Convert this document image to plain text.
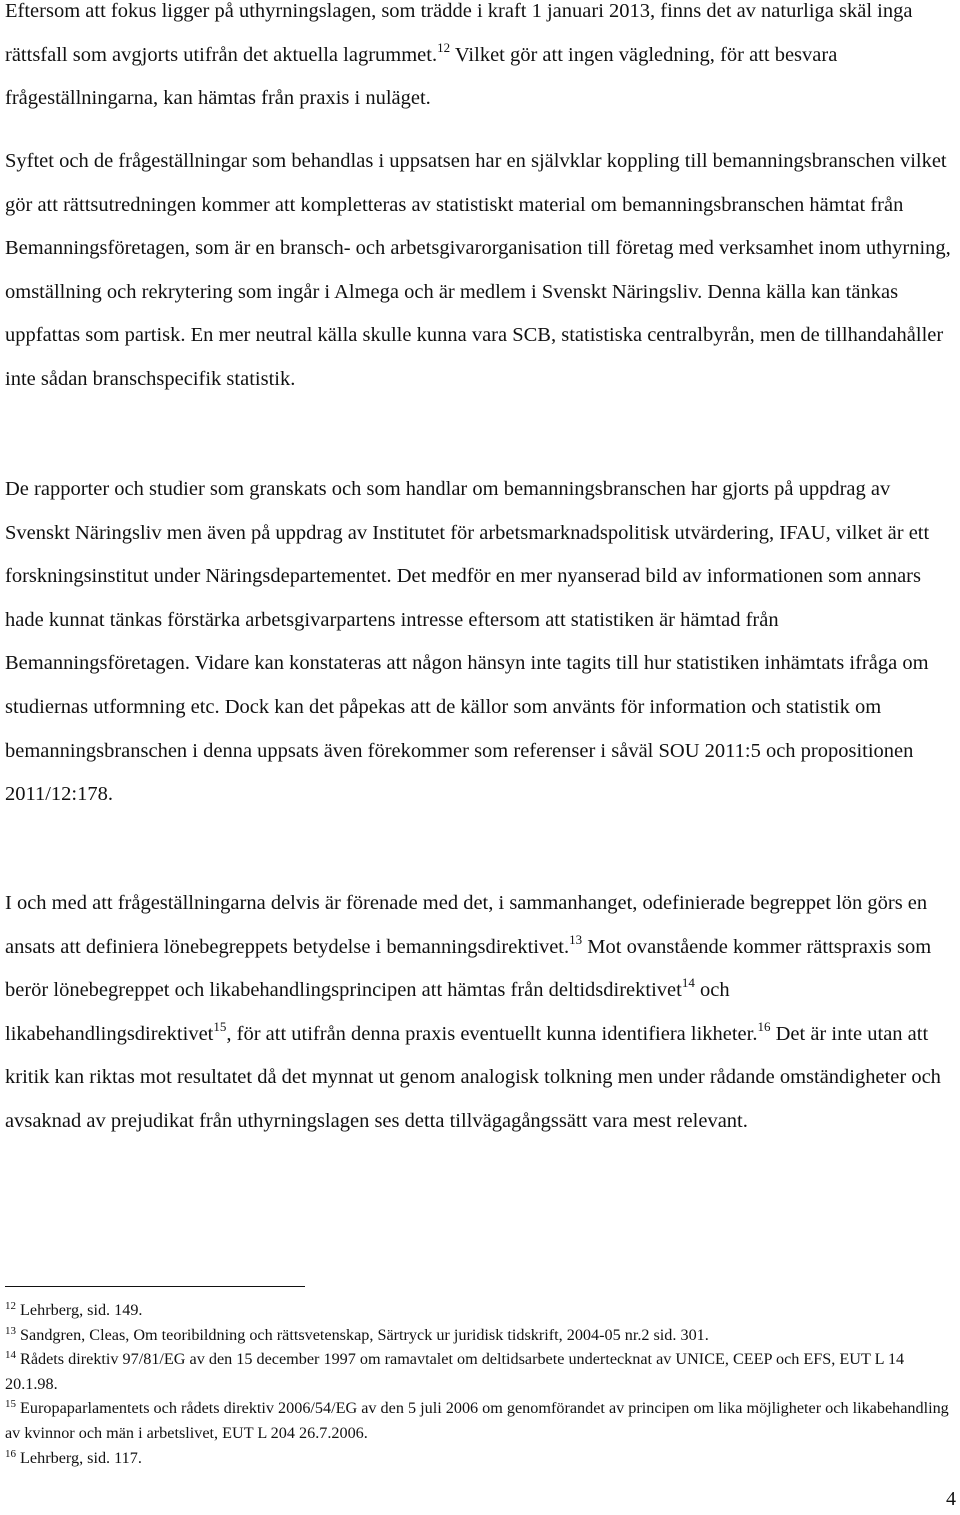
Eftersom att fokus ligger på uthyrningslagen, som trädde i kraft 1 januari 2013, finns det av naturliga skäl inga rättsfall som avgjorts utifrån det aktuella lagrummet.$^{12}$ Vilket gör att ingen vägledning, för att besvara frågeställningarna, kan hämtas från praxis i nuläget.

Syftet och de frågeställningar som behandlas i uppsatsen har en självklar koppling till bemanningsbranschen vilket gör att rättsutredningen kommer att kompletteras av statistiskt material om bemanningsbranschen hämtat från Bemanningsföretagen, som är en bransch- och arbetsgivarorganisation till företag med verksamhet inom uthyrning, omställning och rekrytering som ingår i Almega och är medlem i Svenskt Näringsliv. Denna källa kan tänkas uppfattas som partisk. En mer neutral källa skulle kunna vara SCB, statistiska centralbyrån, men de tillhandahåller inte sådan branschspecifik statistik.

De rapporter och studier som granskats och som handlar om bemanningsbranschen har gjorts på uppdrag av Svenskt Näringsliv men även på uppdrag av Institutet för arbetsmarknadspolitisk utvärdering, IFAU, vilket är ett forskningsinstitut under Näringsdepartementet. Det medför en mer nyanserad bild av informationen som annars hade kunnat tänkas förstärka arbetsgivarpartens intresse eftersom att statistiken är hämtad från Bemanningsföretagen. Vidare kan konstateras att någon hänsyn inte tagits till hur statistiken inhämtats ifråga om studiernas utformning etc. Dock kan det påpekas att de källor som använts för information och statistik om bemanningsbranschen i denna uppsats även förekommer som referenser i såväl SOU 2011:5 och propositionen 2011/12:178.

I och med att frågeställningarna delvis är förenade med det, i sammanhanget, odefinierade begreppet lön görs en ansats att definiera lönebegreppets betydelse i bemanningsdirektivet.$^{13}$ Mot ovanstående kommer rättspraxis som berör lönebegreppet och likabehandlingsprincipen att hämtas från deltidsdirektivet$^{14}$ och likabehandlingsdirektivet$^{15}$, för att utifrån denna praxis eventuellt kunna identifiera likheter.$^{16}$ Det är inte utan att kritik kan riktas mot resultatet då det mynnat ut genom analogisk tolkning men under rådande omständigheter och avsaknad av prejudikat från uthyrningslagen ses detta tillvägagångssätt vara mest relevant.

$^{12}$ Lehrberg, sid. 149.

$^{13}$ Sandgren, Cleas, Om teoribildning och rättsvetenskap, Särtryck ur juridisk tidskrift, 2004-05 nr.2 sid. 301.

$^{14}$ Rådets direktiv 97/81/EG av den 15 december 1997 om ramavtalet om deltidsarbete undertecknat av UNICE, CEEP och EFS, EUT L 14 20.1.98.

$^{15}$ Europaparlamentets och rådets direktiv 2006/54/EG av den 5 juli 2006 om genomförandet av principen om lika möjligheter och likabehandling av kvinnor och män i arbetslivet, EUT L 204 26.7.2006.

$^{16}$ Lehrberg, sid. 117.

4
